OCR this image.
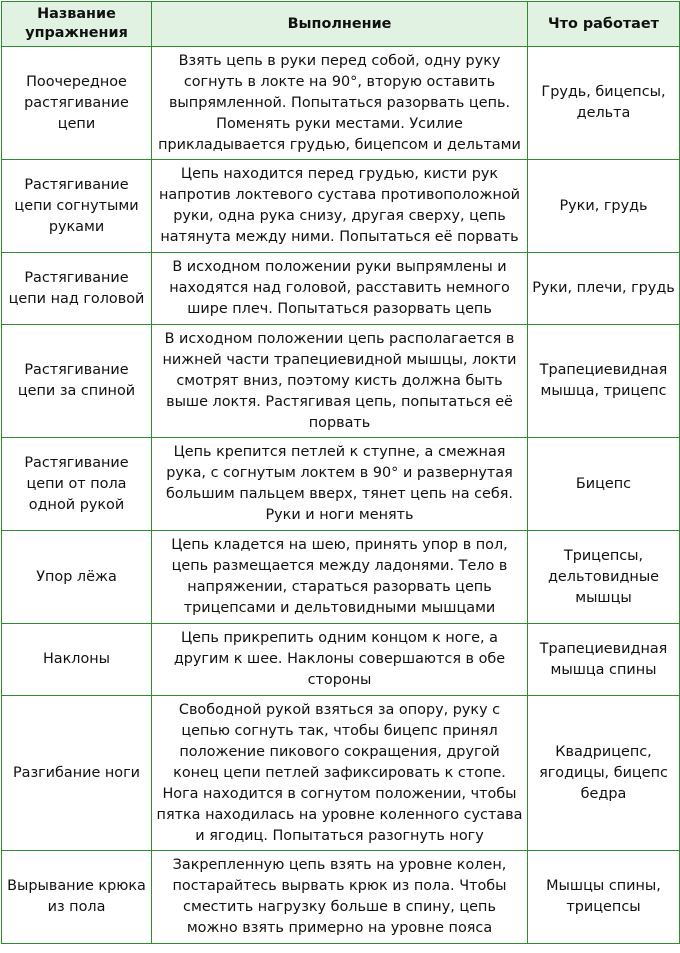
Название упражнения	Выполнение	Что работает
Поочередное растягивание цепи	Взять цепь в руки перед собой, одну руку согнуть в локте на 90°, вторую оставить выпрямленной. Попытаться разорвать цепь. Поменять руки местами. Усилие прикладывается грудью, бицепсом и дельтами	Грудь, бицепсы, дельта
Растягивание цепи согнутыми руками	Цепь находится перед грудью, кисти рук напротив локтевого сустава противоположной руки, одна рука снизу, другая сверху, цепь натянута между ними. Попытаться её порвать	Руки, грудь
Растягивание цепи над головой	В исходном положении руки выпрямлены и находятся над головой, расставить немного шире плеч. Попытаться разорвать цепь	Руки, плечи, грудь
Растягивание цепи за спиной	В исходном положении цепь располагается в нижней части трапециевидной мышцы, локти смотрят вниз, поэтому кисть должна быть выше локтя. Растягивая цепь, попытаться её порвать	Трапециевидная мышца, трицепс
Растягивание цепи от пола одной рукой	Цепь крепится петлей к ступне, а смежная рука, с согнутым локтем в 90° и развернутая большим пальцем вверх, тянет цепь на себя. Руки и ноги менять	Бицепс
Упор лёжа	Цепь кладется на шею, принять упор в пол, цепь размещается между ладонями. Тело в напряжении, стараться разорвать цепь трицепсами и дельтовидными мышцами	Трицепсы, дельтовидные мышцы
Наклоны	Цепь прикрепить одним концом к ноге, а другим к шее. Наклоны совершаются в обе стороны	Трапециевидная мышца спины
Разгибание ноги	Свободной рукой взяться за опору, руку с цепью согнуть так, чтобы бицепс принял положение пикового сокращения, другой конец цепи петлей зафиксировать к стопе. Нога находится в согнутом положении, чтобы пятка находилась на уровне коленного сустава и ягодиц. Попытаться разогнуть ногу	Квадрицепс, ягодицы, бицепс бедра
Вырывание крюка из пола	Закрепленную цепь взять на уровне колен, постарайтесь вырвать крюк из пола. Чтобы сместить нагрузку больше в спину, цепь можно взять примерно на уровне пояса	Мышцы спины, трицепсы
